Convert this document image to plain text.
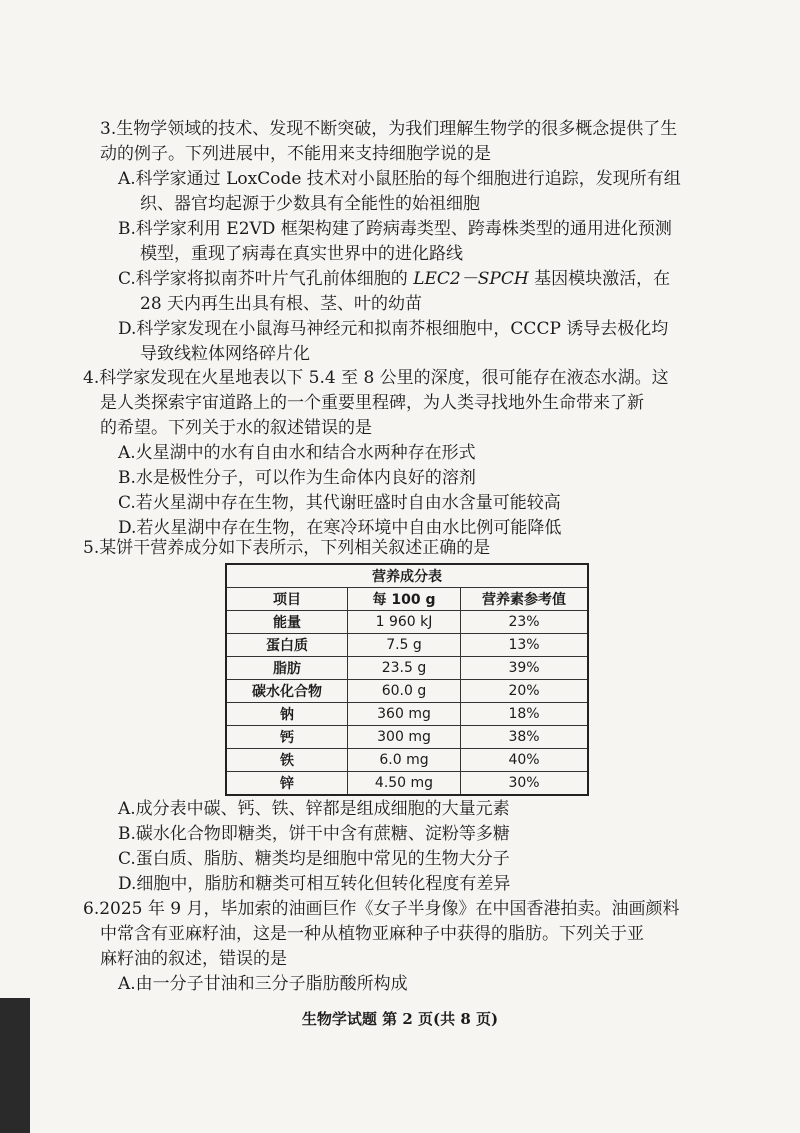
3.生物学领域的技术、发现不断突破，为我们理解生物学的很多概念提供了生
动的例子。下列进展中，不能用来支持细胞学说的是
A.科学家通过 LoxCode 技术对小鼠胚胎的每个细胞进行追踪，发现所有组
织、器官均起源于少数具有全能性的始祖细胞
B.科学家利用 E2VD 框架构建了跨病毒类型、跨毒株类型的通用进化预测
模型，重现了病毒在真实世界中的进化路线
C.科学家将拟南芥叶片气孔前体细胞的 LEC2－SPCH 基因模块激活，在
28 天内再生出具有根、茎、叶的幼苗
D.科学家发现在小鼠海马神经元和拟南芥根细胞中，CCCP 诱导去极化均
导致线粒体网络碎片化
4.科学家发现在火星地表以下 5.4 至 8 公里的深度，很可能存在液态水湖。这
是人类探索宇宙道路上的一个重要里程碑，为人类寻找地外生命带来了新
的希望。下列关于水的叙述错误的是
A.火星湖中的水有自由水和结合水两种存在形式
B.水是极性分子，可以作为生命体内良好的溶剂
C.若火星湖中存在生物，其代谢旺盛时自由水含量可能较高
D.若火星湖中存在生物，在寒冷环境中自由水比例可能降低
5.某饼干营养成分如下表所示，下列相关叙述正确的是
营养成分表		
项目	每 100 g	营养素参考值
能量	1 960 kJ	23%
蛋白质	7.5 g	13%
脂肪	23.5 g	39%
碳水化合物	60.0 g	20%
钠	360 mg	18%
钙	300 mg	38%
铁	6.0 mg	40%
锌	4.50 mg	30%
A.成分表中碳、钙、铁、锌都是组成细胞的大量元素
B.碳水化合物即糖类，饼干中含有蔗糖、淀粉等多糖
C.蛋白质、脂肪、糖类均是细胞中常见的生物大分子
D.细胞中，脂肪和糖类可相互转化但转化程度有差异
6.2025 年 9 月，毕加索的油画巨作《女子半身像》在中国香港拍卖。油画颜料
中常含有亚麻籽油，这是一种从植物亚麻种子中获得的脂肪。下列关于亚
麻籽油的叙述，错误的是
A.由一分子甘油和三分子脂肪酸所构成
生物学试题 第 2 页(共 8 页)
